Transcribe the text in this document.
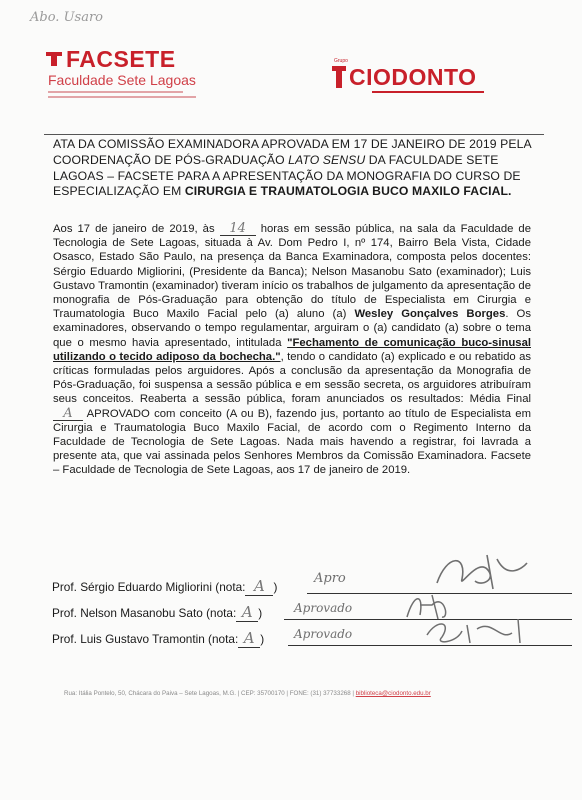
Abo. Usaro
FACSETE
Faculdade Sete Lagoas
Grupo
CIODONTO
ATA DA COMISSÃO EXAMINADORA APROVADA EM 17 DE JANEIRO DE 2019 PELA COORDENAÇÃO DE PÓS-GRADUAÇÃO LATO SENSU DA FACULDADE SETE LAGOAS – FACSETE PARA A APRESENTAÇÃO DA MONOGRAFIA DO CURSO DE ESPECIALIZAÇÃO EM CIRURGIA E TRAUMATOLOGIA BUCO MAXILO FACIAL.
Aos 17 de janeiro de 2019, às 14 horas em sessão pública, na sala da Faculdade de Tecnologia de Sete Lagoas, situada à Av. Dom Pedro I, nº 174, Bairro Bela Vista, Cidade Osasco, Estado São Paulo, na presença da Banca Examinadora, composta pelos docentes: Sérgio Eduardo Migliorini, (Presidente da Banca); Nelson Masanobu Sato (examinador); Luis Gustavo Tramontin (examinador) tiveram início os trabalhos de julgamento da apresentação de monografia de Pós-Graduação para obtenção do título de Especialista em Cirurgia e Traumatologia Buco Maxilo Facial pelo (a) aluno (a) Wesley Gonçalves Borges. Os examinadores, observando o tempo regulamentar, arguiram o (a) candidato (a) sobre o tema que o mesmo havia apresentado, intitulada "Fechamento de comunicação buco-sinusal utilizando o tecido adiposo da bochecha.", tendo o candidato (a) explicado e ou rebatido as críticas formuladas pelos arguidores. Após a conclusão da apresentação da Monografia de Pós-Graduação, foi suspensa a sessão pública e em sessão secreta, os arguidores atribuíram seus conceitos. Reaberta a sessão pública, foram anunciados os resultados: Média Final A APROVADO com conceito (A ou B), fazendo jus, portanto ao título de Especialista em Cirurgia e Traumatologia Buco Maxilo Facial, de acordo com o Regimento Interno da Faculdade de Tecnologia de Sete Lagoas. Nada mais havendo a registrar, foi lavrada a presente ata, que vai assinada pelos Senhores Membros da Comissão Examinadora. Facsete – Faculdade de Tecnologia de Sete Lagoas, aos 17 de janeiro de 2019.
Prof. Sérgio Eduardo Migliorini (nota: A )
Apro
Prof. Nelson Masanobu Sato (nota: A )	Aprovado
Prof. Luis Gustavo Tramontin (nota: A ) Aprovado
Rua: Itália Pontelo, 50, Chácara do Paiva – Sete Lagoas, M.G. | CEP: 35700170 | FONE: (31) 37733268 | biblioteca@ciodonto.edu.br
